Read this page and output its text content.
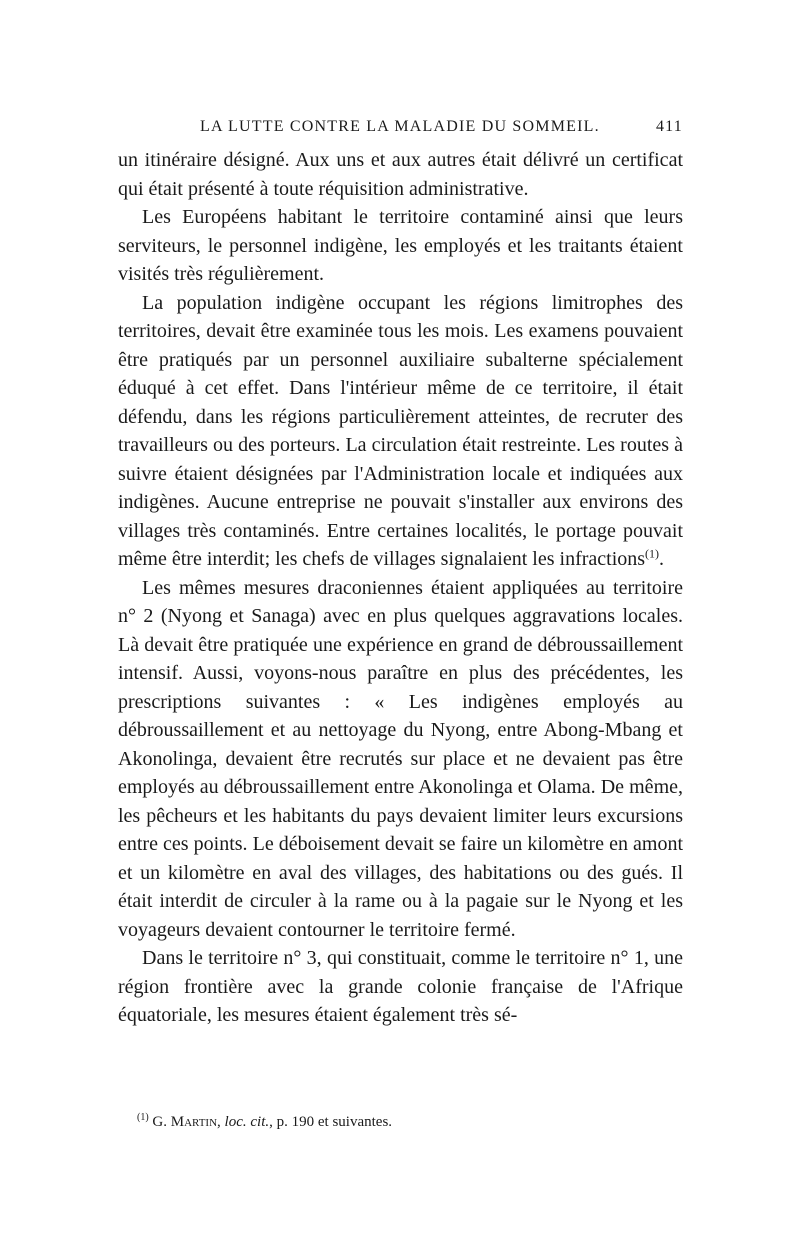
LA LUTTE CONTRE LA MALADIE DU SOMMEIL.	411

un itinéraire désigné. Aux uns et aux autres était délivré un certificat qui était présenté à toute réquisition administrative.

Les Européens habitant le territoire contaminé ainsi que leurs serviteurs, le personnel indigène, les employés et les traitants étaient visités très régulièrement.

La population indigène occupant les régions limitrophes des territoires, devait être examinée tous les mois. Les examens pouvaient être pratiqués par un personnel auxiliaire subalterne spécialement éduqué à cet effet. Dans l'intérieur même de ce territoire, il était défendu, dans les régions particulièrement atteintes, de recruter des travailleurs ou des porteurs. La circulation était restreinte. Les routes à suivre étaient désignées par l'Administration locale et indiquées aux indigènes. Aucune entreprise ne pouvait s'installer aux environs des villages très contaminés. Entre certaines localités, le portage pouvait même être interdit; les chefs de villages signalaient les infractions$^{(1)}$.

Les mêmes mesures draconiennes étaient appliquées au territoire n° 2 (Nyong et Sanaga) avec en plus quelques aggravations locales. Là devait être pratiquée une expérience en grand de débroussaillement intensif. Aussi, voyons-nous paraître en plus des précédentes, les prescriptions suivantes : « Les indigènes employés au débroussaillement et au nettoyage du Nyong, entre Abong-Mbang et Akonolinga, devaient être recrutés sur place et ne devaient pas être employés au débroussaillement entre Akonolinga et Olama. De même, les pêcheurs et les habitants du pays devaient limiter leurs excursions entre ces points. Le déboisement devait se faire un kilomètre en amont et un kilomètre en aval des villages, des habitations ou des gués. Il était interdit de circuler à la rame ou à la pagaie sur le Nyong et les voyageurs devaient contourner le territoire fermé.

Dans le territoire n° 3, qui constituait, comme le territoire n° 1, une région frontière avec la grande colonie française de l'Afrique équatoriale, les mesures étaient également très sé-

$^{(1)}$ G. Martin, loc. cit., p. 190 et suivantes.
